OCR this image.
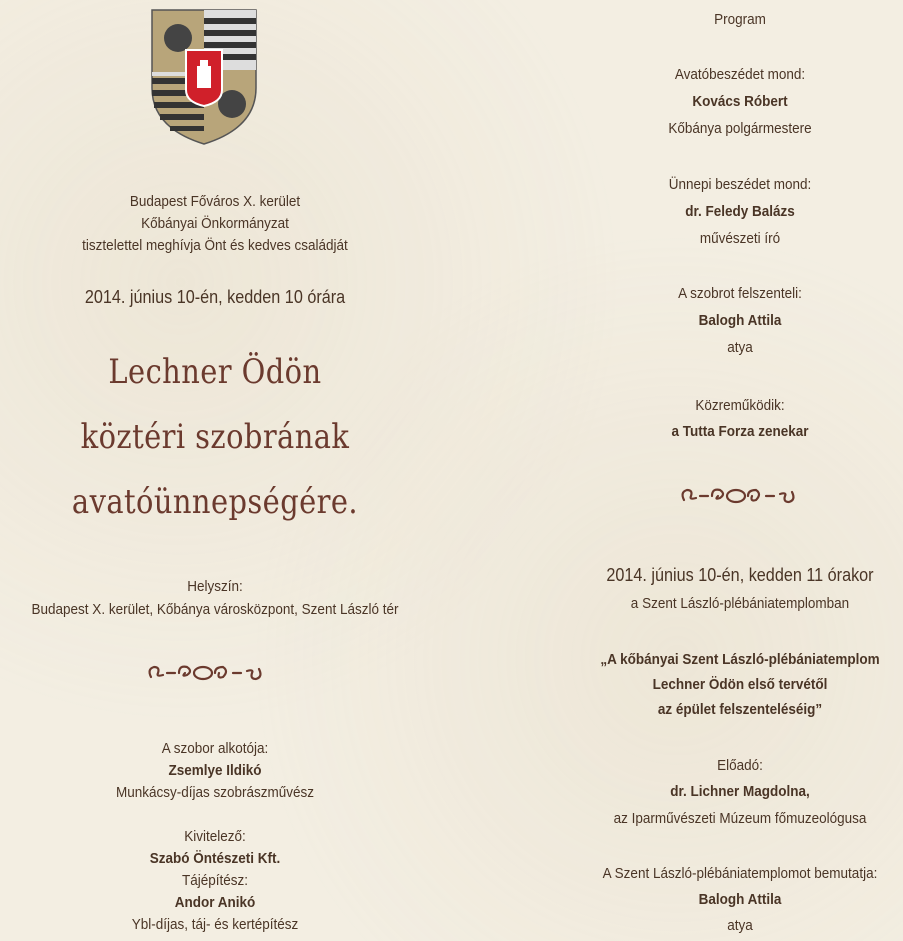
Budapest Főváros X. kerület
Kőbányai Önkormányzat
tisztelettel meghívja Önt és kedves családját
2014. június 10-én, kedden 10 órára
Lechner Ödön
köztéri szobrának
avatóünnepségére.
Helyszín:
Budapest X. kerület, Kőbánya városközpont, Szent László tér
A szobor alkotója:
Zsemlye Ildikó
Munkácsy-díjas szobrászművész
Kivitelező:
Szabó Öntészeti Kft.
Tájépítész:
Andor Anikó
Ybl-díjas, táj- és kertépítész
Program
Avatóbeszédet mond:
Kovács Róbert
Kőbánya polgármestere
Ünnepi beszédet mond:
dr. Feledy Balázs
művészeti író
A szobrot felszenteli:
Balogh Attila
atya
Közreműködik:
a Tutta Forza zenekar
2014. június 10-én, kedden 11 órakor
a Szent László-plébániatemplomban
„A kőbányai Szent László-plébániatemplom
Lechner Ödön első tervétől
az épület felszenteléséig”
Előadó:
dr. Lichner Magdolna,
az Iparművészeti Múzeum főmuzeológusa
A Szent László-plébániatemplomot bemutatja:
Balogh Attila
atya
